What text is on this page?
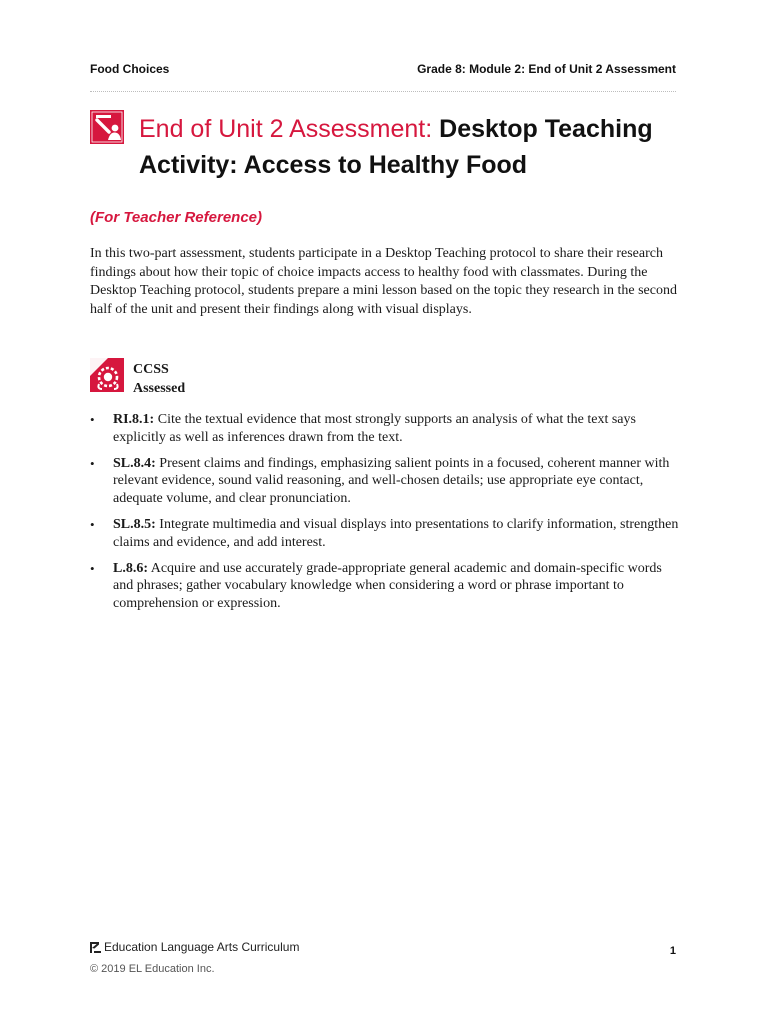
Food Choices	Grade 8: Module 2: End of Unit 2 Assessment
End of Unit 2 Assessment: Desktop Teaching Activity: Access to Healthy Food
(For Teacher Reference)
In this two-part assessment, students participate in a Desktop Teaching protocol to share their research findings about how their topic of choice impacts access to healthy food with classmates. During the Desktop Teaching protocol, students prepare a mini lesson based on the topic they research in the second half of the unit and present their findings along with visual displays.
CCSS Assessed
• RI.8.1: Cite the textual evidence that most strongly supports an analysis of what the text says explicitly as well as inferences drawn from the text.
• SL.8.4: Present claims and findings, emphasizing salient points in a focused, coherent manner with relevant evidence, sound valid reasoning, and well-chosen details; use appropriate eye contact, adequate volume, and clear pronunciation.
• SL.8.5: Integrate multimedia and visual displays into presentations to clarify information, strengthen claims and evidence, and add interest.
• L.8.6: Acquire and use accurately grade-appropriate general academic and domain-specific words and phrases; gather vocabulary knowledge when considering a word or phrase important to comprehension or expression.
Education Language Arts Curriculum
© 2019 EL Education Inc.
1
